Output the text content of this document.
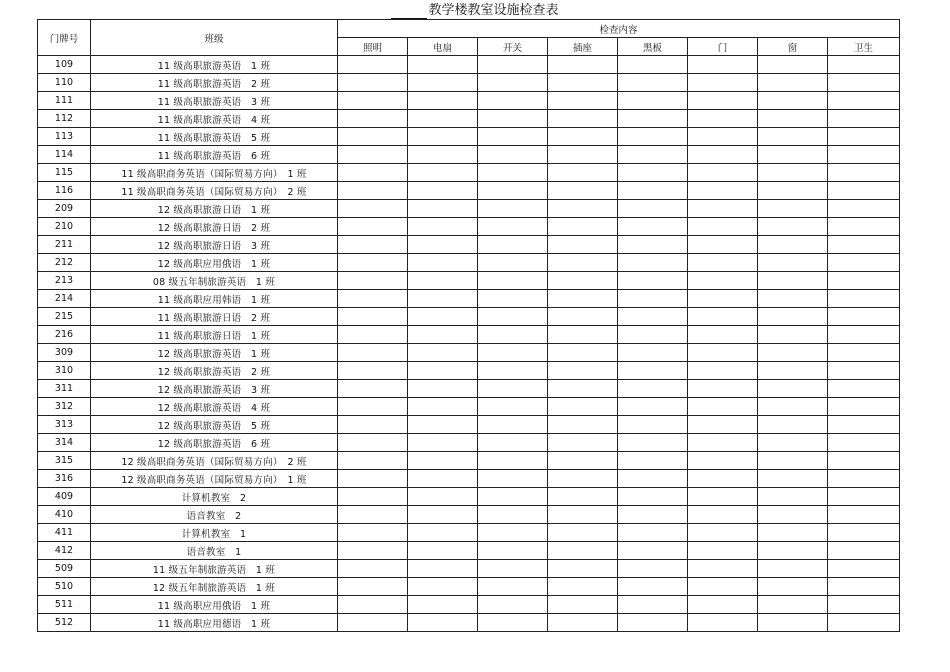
教学楼教室设施检查表
门牌号	班级	检查内容							
		照明	电扇	开关	插座	黑板	门	窗	卫生
109	11 级高职旅游英语　1 班								
110	11 级高职旅游英语　2 班								
111	11 级高职旅游英语　3 班								
112	11 级高职旅游英语　4 班								
113	11 级高职旅游英语　5 班								
114	11 级高职旅游英语　6 班								
115	11 级高职商务英语（国际贸易方向）　1 班								
116	11 级高职商务英语（国际贸易方向）　2 班								
209	12 级高职旅游日语　1 班								
210	12 级高职旅游日语　2 班								
211	12 级高职旅游日语　3 班								
212	12 级高职应用俄语　1 班								
213	08 级五年制旅游英语　1 班								
214	11 级高职应用韩语　1 班								
215	11 级高职旅游日语　2 班								
216	11 级高职旅游日语　1 班								
309	12 级高职旅游英语　1 班								
310	12 级高职旅游英语　2 班								
311	12 级高职旅游英语　3 班								
312	12 级高职旅游英语　4 班								
313	12 级高职旅游英语　5 班								
314	12 级高职旅游英语　6 班								
315	12 级高职商务英语（国际贸易方向）　2 班								
316	12 级高职商务英语（国际贸易方向）　1 班								
409	计算机教室　2								
410	语音教室　2								
411	计算机教室　1								
412	语音教室　1								
509	11 级五年制旅游英语　1 班								
510	12 级五年制旅游英语　1 班								
511	11 级高职应用俄语　1 班								
512	11 级高职应用德语　1 班								
